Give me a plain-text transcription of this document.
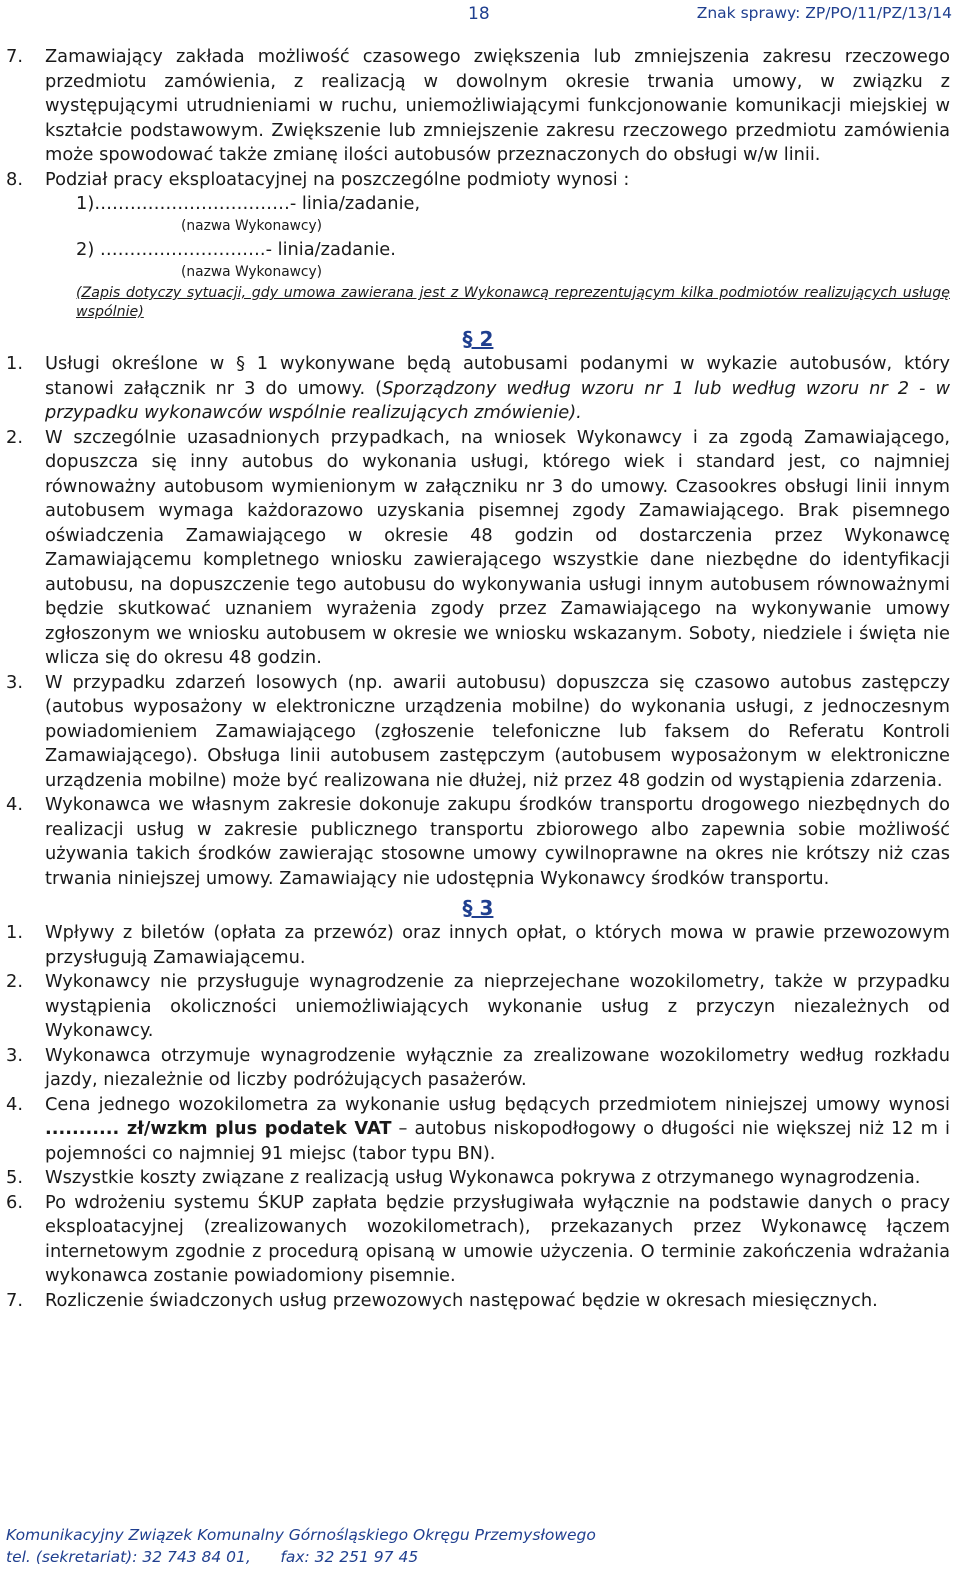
18	Znak sprawy: ZP/PO/11/PZ/13/14
7. Zamawiający zakłada możliwość czasowego zwiększenia lub zmniejszenia zakresu rzeczowego przedmiotu zamówienia, z realizacją w dowolnym okresie trwania umowy, w związku z występującymi utrudnieniami w ruchu, uniemożliwiającymi funkcjonowanie komunikacji miejskiej w kształcie podstawowym. Zwiększenie lub zmniejszenie zakresu rzeczowego przedmiotu zamówienia może spowodować także zmianę ilości autobusów przeznaczonych do obsługi w/w linii.
8. Podział pracy eksploatacyjnej na poszczególne podmioty wynosi :
1)……………………………- linia/zadanie,
(nazwa Wykonawcy)
2) ……………………….- linia/zadanie.
(nazwa Wykonawcy)
(Zapis dotyczy sytuacji, gdy umowa zawierana jest z Wykonawcą reprezentującym kilka podmiotów realizujących usługę wspólnie)
§ 2
1. Usługi określone w § 1 wykonywane będą autobusami podanymi w wykazie autobusów, który stanowi załącznik nr 3 do umowy. (Sporządzony według wzoru nr 1 lub według wzoru nr 2 - w przypadku wykonawców wspólnie realizujących zmówienie).
2. W szczególnie uzasadnionych przypadkach, na wniosek Wykonawcy i za zgodą Zamawiającego, dopuszcza się inny autobus do wykonania usługi, którego wiek i standard jest, co najmniej równoważny autobusom wymienionym w załączniku nr 3 do umowy. Czasookres obsługi linii innym autobusem wymaga każdorazowo uzyskania pisemnej zgody Zamawiającego. Brak pisemnego oświadczenia Zamawiającego w okresie 48 godzin od dostarczenia przez Wykonawcę Zamawiającemu kompletnego wniosku zawierającego wszystkie dane niezbędne do identyfikacji autobusu, na dopuszczenie tego autobusu do wykonywania usługi innym autobusem równoważnymi będzie skutkować uznaniem wyrażenia zgody przez Zamawiającego na wykonywanie umowy zgłoszonym we wniosku autobusem w okresie we wniosku wskazanym. Soboty, niedziele i święta nie wlicza się do okresu 48 godzin.
3. W przypadku zdarzeń losowych (np. awarii autobusu) dopuszcza się czasowo autobus zastępczy (autobus wyposażony w elektroniczne urządzenia mobilne) do wykonania usługi, z jednoczesnym powiadomieniem Zamawiającego (zgłoszenie telefoniczne lub faksem do Referatu Kontroli Zamawiającego). Obsługa linii autobusem zastępczym (autobusem wyposażonym w elektroniczne urządzenia mobilne) może być realizowana nie dłużej, niż przez 48 godzin od wystąpienia zdarzenia.
4. Wykonawca we własnym zakresie dokonuje zakupu środków transportu drogowego niezbędnych do realizacji usług w zakresie publicznego transportu zbiorowego albo zapewnia sobie możliwość używania takich środków zawierając stosowne umowy cywilnoprawne na okres nie krótszy niż czas trwania niniejszej umowy. Zamawiający nie udostępnia Wykonawcy środków transportu.
§ 3
1. Wpływy z biletów (opłata za przewóz) oraz innych opłat, o których mowa w prawie przewozowym przysługują Zamawiającemu.
2. Wykonawcy nie przysługuje wynagrodzenie za nieprzejechane wozokilometry, także w przypadku wystąpienia okoliczności uniemożliwiających wykonanie usług z przyczyn niezależnych od Wykonawcy.
3. Wykonawca otrzymuje wynagrodzenie wyłącznie za zrealizowane wozokilometry według rozkładu jazdy, niezależnie od liczby podróżujących pasażerów.
4. Cena jednego wozokilometra za wykonanie usług będących przedmiotem niniejszej umowy wynosi ........... zł/wzkm plus podatek VAT – autobus niskopodłogowy o długości nie większej niż 12 m i pojemności co najmniej 91 miejsc (tabor typu BN).
5. Wszystkie koszty związane z realizacją usług Wykonawca pokrywa z otrzymanego wynagrodzenia.
6. Po wdrożeniu systemu ŚKUP zapłata będzie przysługiwała wyłącznie na podstawie danych o pracy eksploatacyjnej (zrealizowanych wozokilometrach), przekazanych przez Wykonawcę łączem internetowym zgodnie z procedurą opisaną w umowie użyczenia. O terminie zakończenia wdrażania wykonawca zostanie powiadomiony pisemnie.
7. Rozliczenie świadczonych usług przewozowych następować będzie w okresach miesięcznych.
Komunikacyjny Związek Komunalny Górnośląskiego Okręgu Przemysłowego
tel. (sekretariat): 32 743 84 01,      fax: 32 251 97 45
